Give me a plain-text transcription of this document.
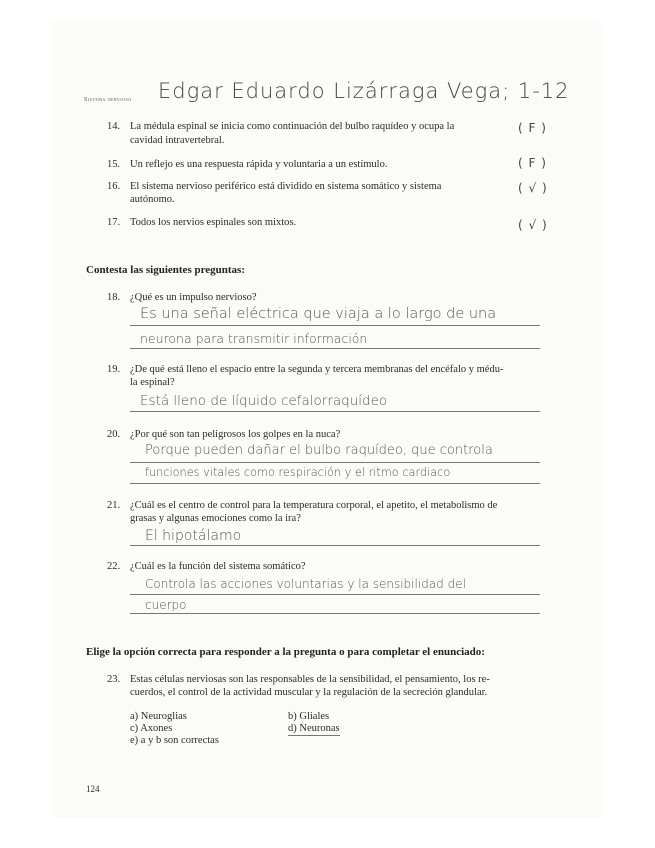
Sistema nervioso Edgar Eduardo Lizárraga Vega; 1-12
14. La médula espinal se inicia como continuación del bulbo raquídeo y ocupa la
cavidad intravertebral.
( F )
15. Un reflejo es una respuesta rápida y voluntaria a un estímulo.	( F )
16. El sistema nervioso periférico está dividido en sistema somático y sistema
autónomo.
( √ )
17. Todos los nervios espinales son mixtos.	( √ )
Contesta las siguientes preguntas:
18. ¿Qué es un impulso nervioso?
Es una señal eléctrica que viaja a lo largo de una
neurona para transmitir información
19. ¿De qué está lleno el espacio entre la segunda y tercera membranas del encéfalo y médu-
la espinal?
Está lleno de líquido cefalorraquídeo
20. ¿Por qué son tan peligrosos los golpes en la nuca?
Porque pueden dañar el bulbo raquídeo, que controla
funciones vitales como respiración y el ritmo cardiaco
21. ¿Cuál es el centro de control para la temperatura corporal, el apetito, el metabolismo de
grasas y algunas emociones como la ira?
El hipotálamo
22. ¿Cuál es la función del sistema somático?
Controla las acciones voluntarias y la sensibilidad del
cuerpo
Elige la opción correcta para responder a la pregunta o para completar el enunciado:
23. Estas células nerviosas son las responsables de la sensibilidad, el pensamiento, los re-
cuerdos, el control de la actividad muscular y la regulación de la secreción glandular.
a) Neuroglias	b) Gliales
c) Axones	d) Neuronas
e) a y b son correctas
124
